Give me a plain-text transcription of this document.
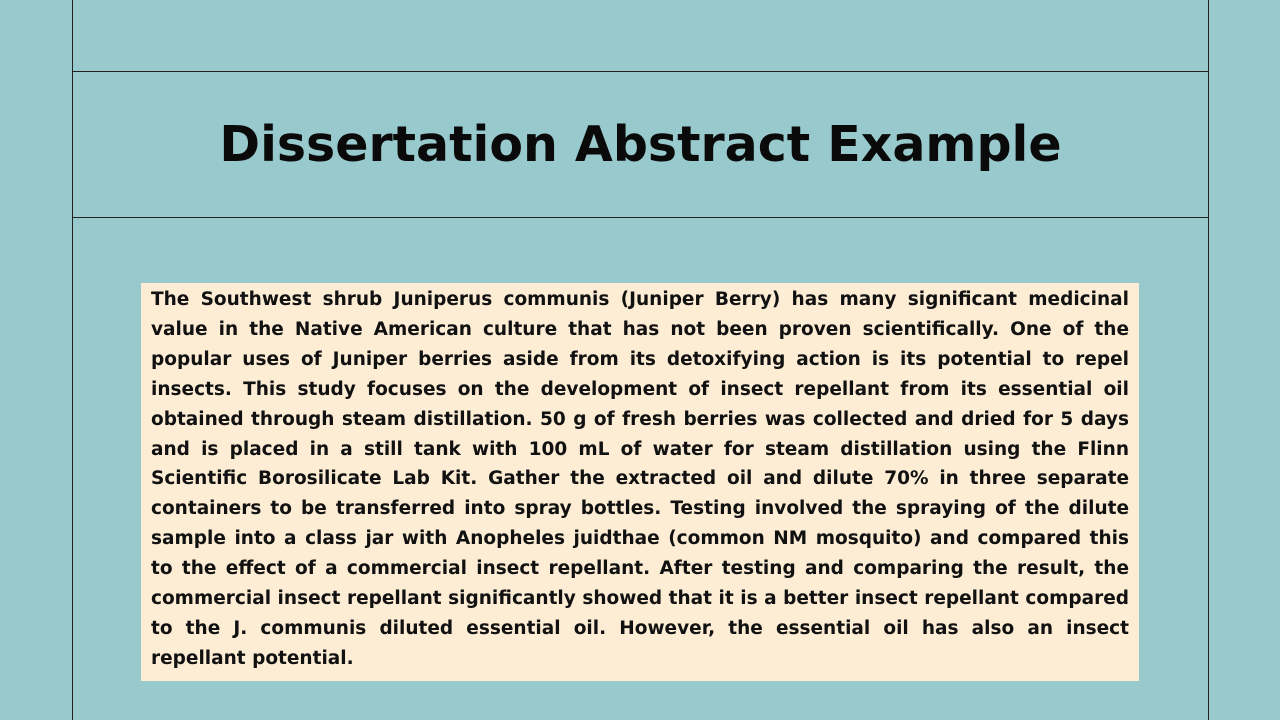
Dissertation Abstract Example

The Southwest shrub Juniperus communis (Juniper Berry) has many significant medicinal value in the Native American culture that has not been proven scientifically. One of the popular uses of Juniper berries aside from its detoxifying action is its potential to repel insects. This study focuses on the development of insect repellant from its essential oil obtained through steam distillation. 50 g of fresh berries was collected and dried for 5 days and is placed in a still tank with 100 mL of water for steam distillation using the Flinn Scientific Borosilicate Lab Kit. Gather the extracted oil and dilute 70% in three separate containers to be transferred into spray bottles. Testing involved the spraying of the dilute sample into a class jar with Anopheles juidthae (common NM mosquito) and compared this to the effect of a commercial insect repellant. After testing and comparing the result, the commercial insect repellant significantly showed that it is a better insect repellant compared to the J. communis diluted essential oil. However, the essential oil has also an insect repellant potential.
